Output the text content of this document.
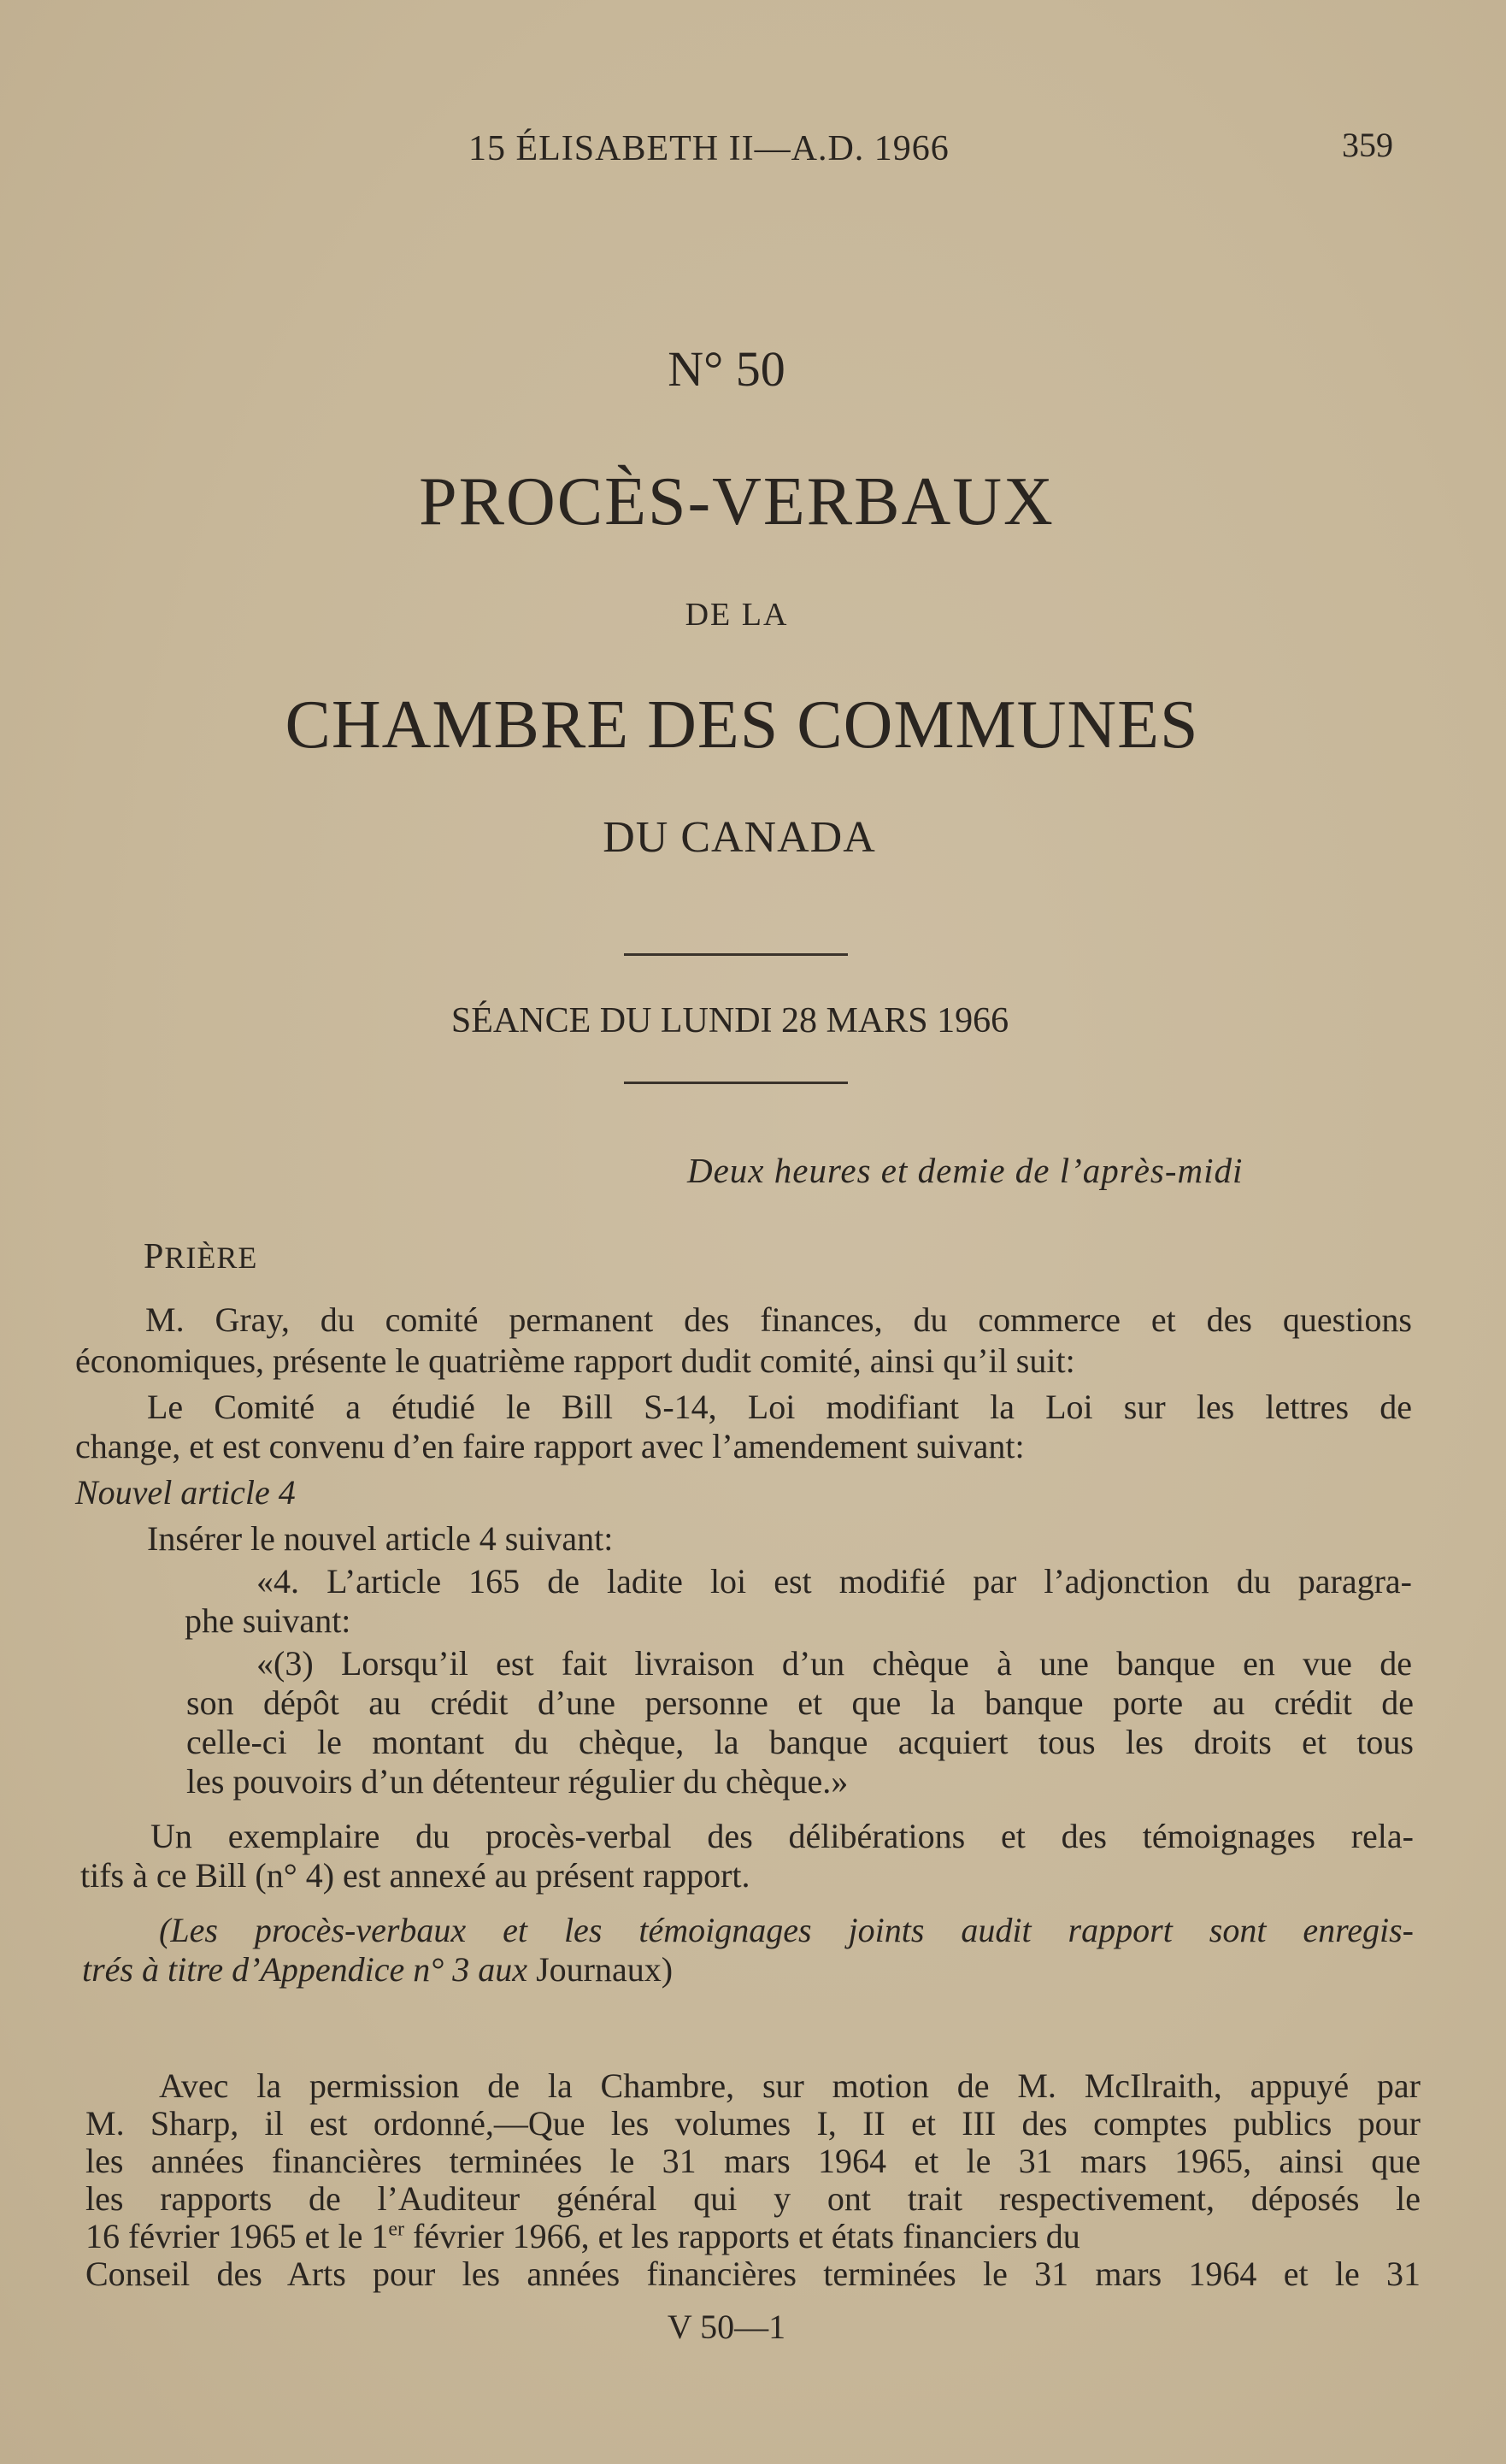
15 ÉLISABETH II—A.D. 1966	359
N° 50
PROCÈS-VERBAUX
DE LA
CHAMBRE DES COMMUNES
DU CANADA
SÉANCE DU LUNDI 28 MARS 1966
Deux heures et demie de l’après-midi
PRIÈRE
M. Gray, du comité permanent des finances, du commerce et des questions
économiques, présente le quatrième rapport dudit comité, ainsi qu’il suit:
Le Comité a étudié le Bill S-14, Loi modifiant la Loi sur les lettres de
change, et est convenu d’en faire rapport avec l’amendement suivant:
Nouvel article 4
Insérer le nouvel article 4 suivant:
«4. L’article 165 de ladite loi est modifié par l’adjonction du paragra-
phe suivant:
«(3) Lorsqu’il est fait livraison d’un chèque à une banque en vue de
son dépôt au crédit d’une personne et que la banque porte au crédit de
celle-ci le montant du chèque, la banque acquiert tous les droits et tous
les pouvoirs d’un détenteur régulier du chèque.»
Un exemplaire du procès-verbal des délibérations et des témoignages rela-
tifs à ce Bill (n° 4) est annexé au présent rapport.
(Les procès-verbaux et les témoignages joints audit rapport sont enregis-
trés à titre d’Appendice n° 3 aux Journaux)
Avec la permission de la Chambre, sur motion de M. McIlraith, appuyé par
M. Sharp, il est ordonné,—Que les volumes I, II et III des comptes publics pour
les années financières terminées le 31 mars 1964 et le 31 mars 1965, ainsi que
les rapports de l’Auditeur général qui y ont trait respectivement, déposés le
16 février 1965 et le 1er février 1966, et les rapports et états financiers du
Conseil des Arts pour les années financières terminées le 31 mars 1964 et le 31
V 50—1
